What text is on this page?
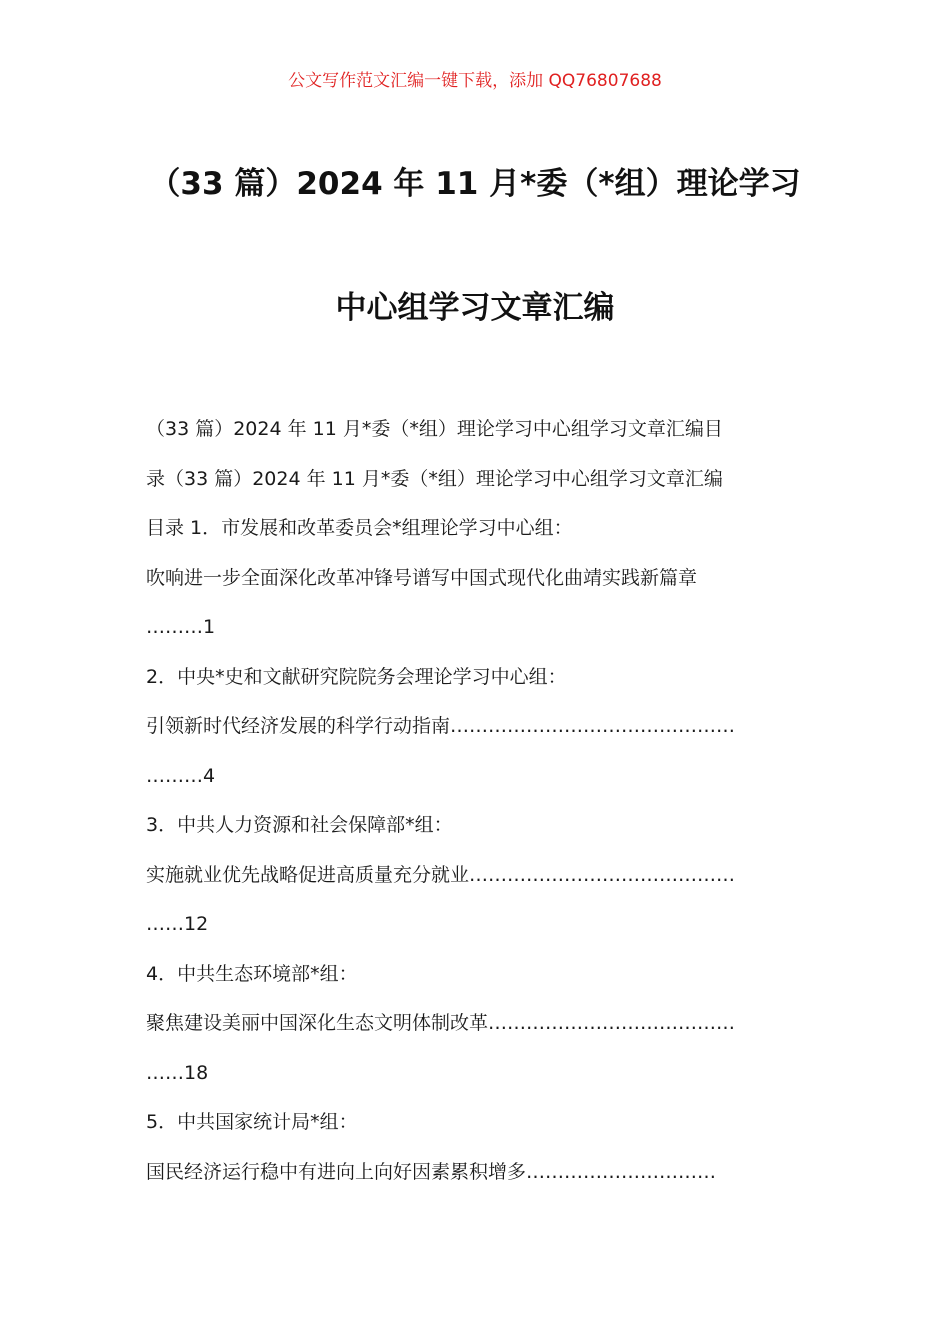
公文写作范文汇编一键下载，添加 QQ76807688
（33 篇）2024 年 11 月*委（*组）理论学习
中心组学习文章汇编
（33 篇）2024 年 11 月*委（*组）理论学习中心组学习文章汇编目
录（33 篇）2024 年 11 月*委（*组）理论学习中心组学习文章汇编
目录 1．市发展和改革委员会*组理论学习中心组：
吹响进一步全面深化改革冲锋号谱写中国式现代化曲靖实践新篇章
………1
2．中央*史和文献研究院院务会理论学习中心组：
引领新时代经济发展的科学行动指南………………………………………
………4
3．中共人力资源和社会保障部*组：
实施就业优先战略促进高质量充分就业……………………………………
……12
4．中共生态环境部*组：
聚焦建设美丽中国深化生态文明体制改革…………………………………
……18
5．中共国家统计局*组：
国民经济运行稳中有进向上向好因素累积增多…………………………
